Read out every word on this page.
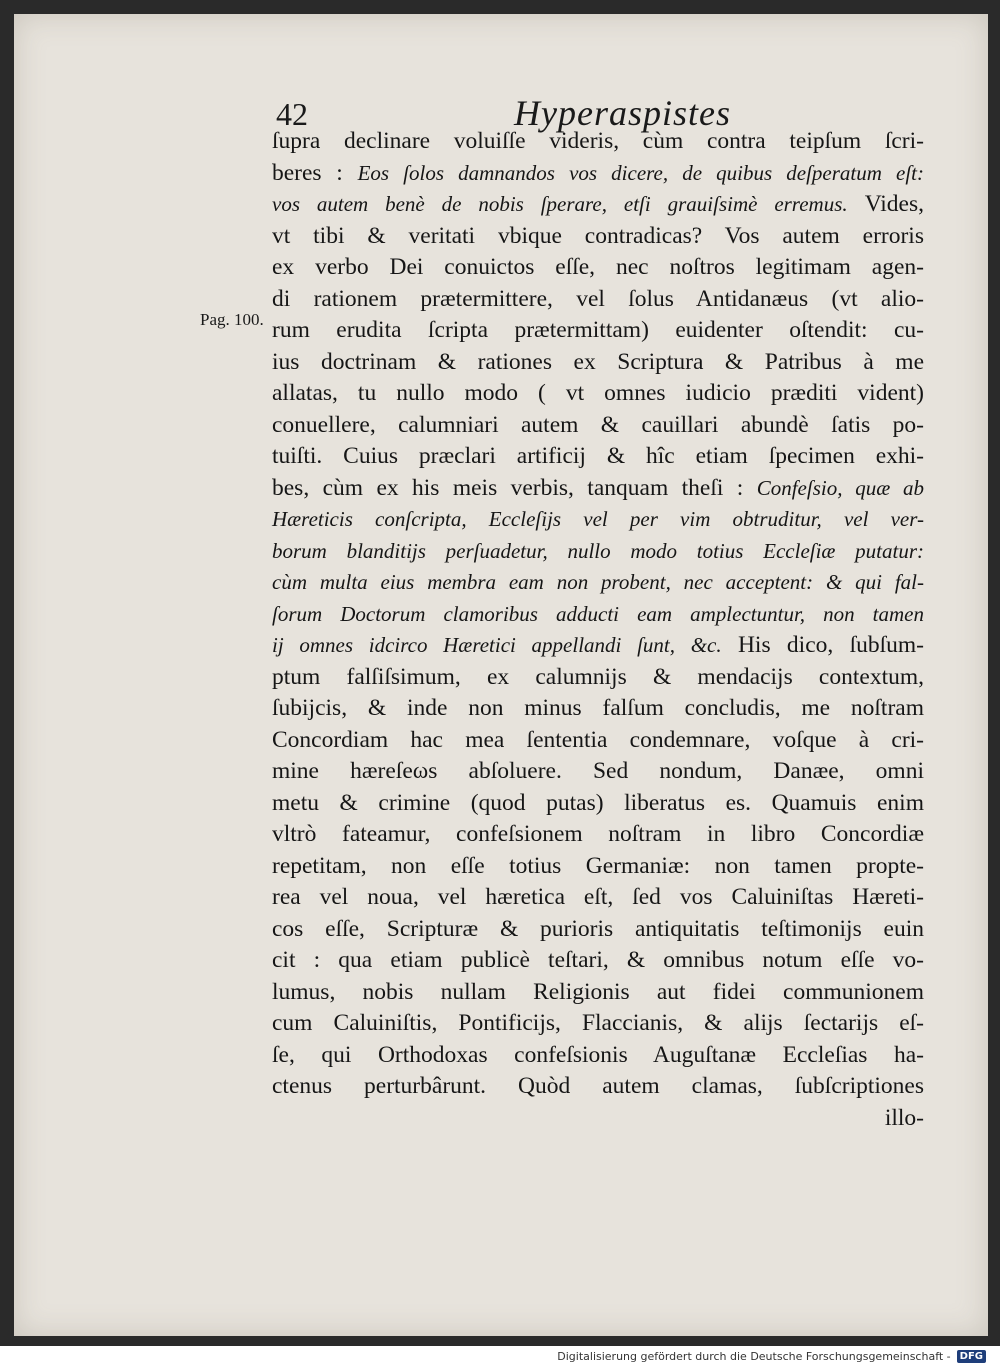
42	Hyperaspistes
Pag. 100.
ſupra declinare voluiſſe videris, cùm contra teipſum ſcri-
beres : Eos ſolos damnandos vos dicere, de quibus deſperatum eſt:
vos autem benè de nobis ſperare, etſi grauiſsimè erremus. Vides,
vt tibi & veritati vbique contradicas? Vos autem erroris
ex verbo Dei conuictos eſſe, nec noſtros legitimam agen-
di rationem prætermittere, vel ſolus Antidanæus (vt alio-
rum erudita ſcripta prætermittam) euidenter oſtendit: cu-
ius doctrinam & rationes ex Scriptura & Patribus à me
allatas, tu nullo modo ( vt omnes iudicio præditi vident)
conuellere, calumniari autem & cauillari abundè ſatis po-
tuiſti. Cuius præclari artificij & hîc etiam ſpecimen exhi-
bes, cùm ex his meis verbis, tanquam theſi : Confeſsio, quæ ab
Hæreticis conſcripta, Eccleſijs vel per vim obtruditur, vel ver-
borum blanditijs perſuadetur, nullo modo totius Eccleſiæ putatur:
cùm multa eius membra eam non probent, nec acceptent: & qui fal-
ſorum Doctorum clamoribus adducti eam amplectuntur, non tamen
ij omnes idcirco Hæretici appellandi ſunt, &c. His dico, ſubſum-
ptum falſiſsimum, ex calumnijs & mendacijs contextum,
ſubijcis, & inde non minus falſum concludis, me noſtram
Concordiam hac mea ſententia condemnare, voſque à cri-
mine hæreſeωs abſoluere. Sed nondum, Danæe, omni
metu & crimine (quod putas) liberatus es. Quamuis enim
vltrò fateamur, confeſsionem noſtram in libro Concordiæ
repetitam, non eſſe totius Germaniæ: non tamen propte-
rea vel noua, vel hæretica eſt, ſed vos Caluiniſtas Hæreti-
cos eſſe, Scripturæ & purioris antiquitatis teſtimonijs euin
cit : qua etiam publicè teſtari, & omnibus notum eſſe vo-
lumus, nobis nullam Religionis aut fidei communionem
cum Caluiniſtis, Pontificijs, Flaccianis, & alijs ſectarijs eſ-
ſe, qui Orthodoxas confeſsionis Auguſtanæ Eccleſias ha-
ctenus perturbârunt. Quòd autem clamas, ſubſcriptiones
illo-
Digitalisierung gefördert durch die Deutsche Forschungsgemeinschaft - DFG
